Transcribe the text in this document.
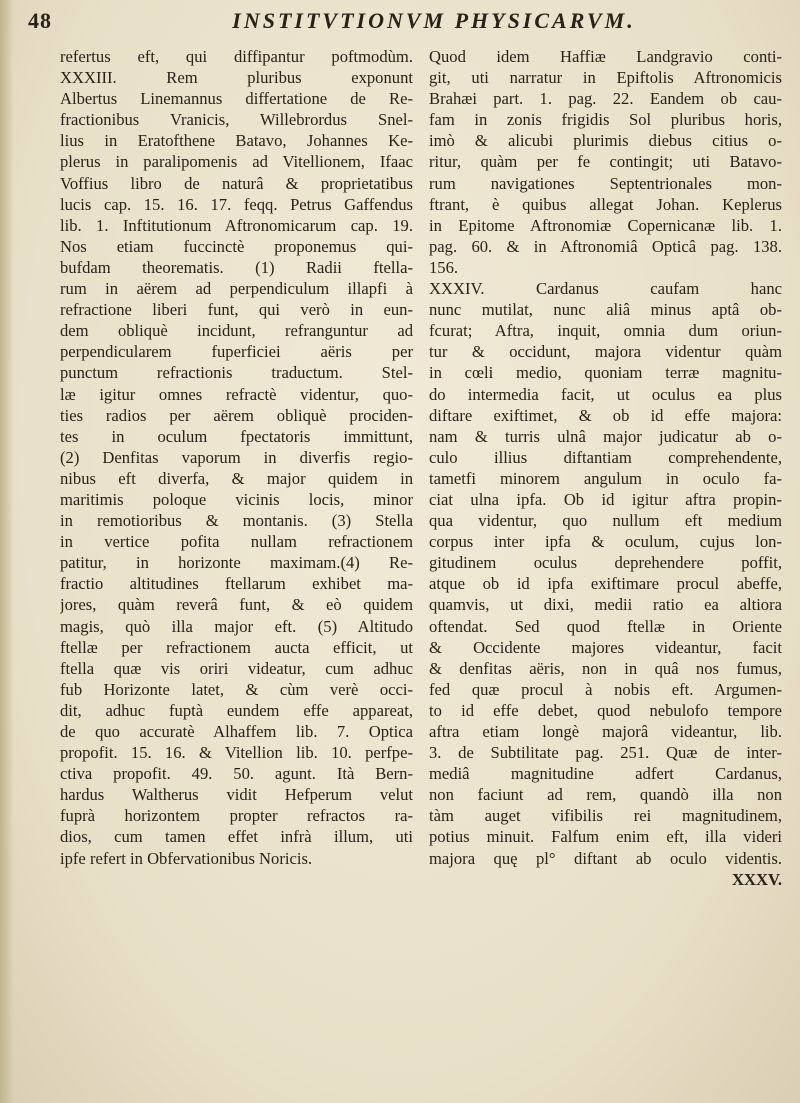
48	INSTITVTIONVM PHYSICARVM.
refertus eft, qui diffipantur poftmodùm.
XXXIII. Rem pluribus exponunt
Albertus Linemannus differtatione de Re-
fractionibus Vranicis, Willebrordus Snel-
lius in Eratofthene Batavo, Johannes Ke-
plerus in paralipomenis ad Vitellionem, Ifaac
Voffius libro de naturâ & proprietatibus
lucis cap. 15. 16. 17. feqq. Petrus Gaffendus
lib. 1. Inftitutionum Aftronomicarum cap. 19.
Nos etiam fuccinctè proponemus qui-
bufdam theorematis. (1) Radii ftella-
rum in aërem ad perpendiculum illapfi à
refractione liberi funt, qui verò in eun-
dem obliquè incidunt, refranguntur ad
perpendicularem fuperficiei aëris per
punctum refractionis traductum. Stel-
læ igitur omnes refractè videntur, quo-
ties radios per aërem obliquè prociden-
tes in oculum fpectatoris immittunt,
(2) Denfitas vaporum in diverfis regio-
nibus eft diverfa, & major quidem in
maritimis poloque vicinis locis, minor
in remotioribus & montanis. (3) Stella
in vertice pofita nullam refractionem
patitur, in horizonte maximam.(4) Re-
fractio altitudines ftellarum exhibet ma-
jores, quàm reverâ funt, & eò quidem
magis, quò illa major eft. (5) Altitudo
ftellæ per refractionem aucta efficit, ut
ftella quæ vis oriri videatur, cum adhuc
fub Horizonte latet, & cùm verè occi-
dit, adhuc fuptà eundem effe appareat,
de quo accuratè Alhaffem lib. 7. Optica
propofit. 15. 16. & Vitellion lib. 10. perfpe-
ctiva propofit. 49. 50. agunt. Ità Bern-
hardus Waltherus vidit Hefperum velut
fuprà horizontem propter refractos ra-
dios, cum tamen effet infrà illum, uti
ipfe refert in Obfervationibus Noricis.
Quod idem Haffiæ Landgravio conti-
git, uti narratur in Epiftolis Aftronomicis
Brahæi part. 1. pag. 22. Eandem ob cau-
fam in zonis frigidis Sol pluribus horis,
imò & alicubi plurimis diebus citius o-
ritur, quàm per fe contingit; uti Batavo-
rum navigationes Septentrionales mon-
ftrant, è quibus allegat Johan. Keplerus
in Epitome Aftronomiæ Copernicanæ lib. 1.
pag. 60. & in Aftronomiâ Opticâ pag. 138.
156.
XXXIV. Cardanus caufam hanc
nunc mutilat, nunc aliâ minus aptâ ob-
fcurat; Aftra, inquit, omnia dum oriun-
tur & occidunt, majora videntur quàm
in cœli medio, quoniam terræ magnitu-
do intermedia facit, ut oculus ea plus
diftare exiftimet, & ob id effe majora:
nam & turris ulnâ major judicatur ab o-
culo illius diftantiam comprehendente,
tametfi minorem angulum in oculo fa-
ciat ulna ipfa. Ob id igitur aftra propin-
qua videntur, quo nullum eft medium
corpus inter ipfa & oculum, cujus lon-
gitudinem oculus deprehendere poffit,
atque ob id ipfa exiftimare procul abeffe,
quamvis, ut dixi, medii ratio ea altiora
oftendat. Sed quod ftellæ in Oriente
& Occidente majores videantur, facit
& denfitas aëris, non in quâ nos fumus,
fed quæ procul à nobis eft. Argumen-
to id effe debet, quod nebulofo tempore
aftra etiam longè majorâ videantur, lib.
3. de Subtilitate pag. 251. Quæ de inter-
mediâ magnitudine adfert Cardanus,
non faciunt ad rem, quandò illa non
tàm auget vifibilis rei magnitudinem,
potius minuit. Falfum enim eft, illa videri
majora quę pl° diftant ab oculo videntis.
XXXV.
